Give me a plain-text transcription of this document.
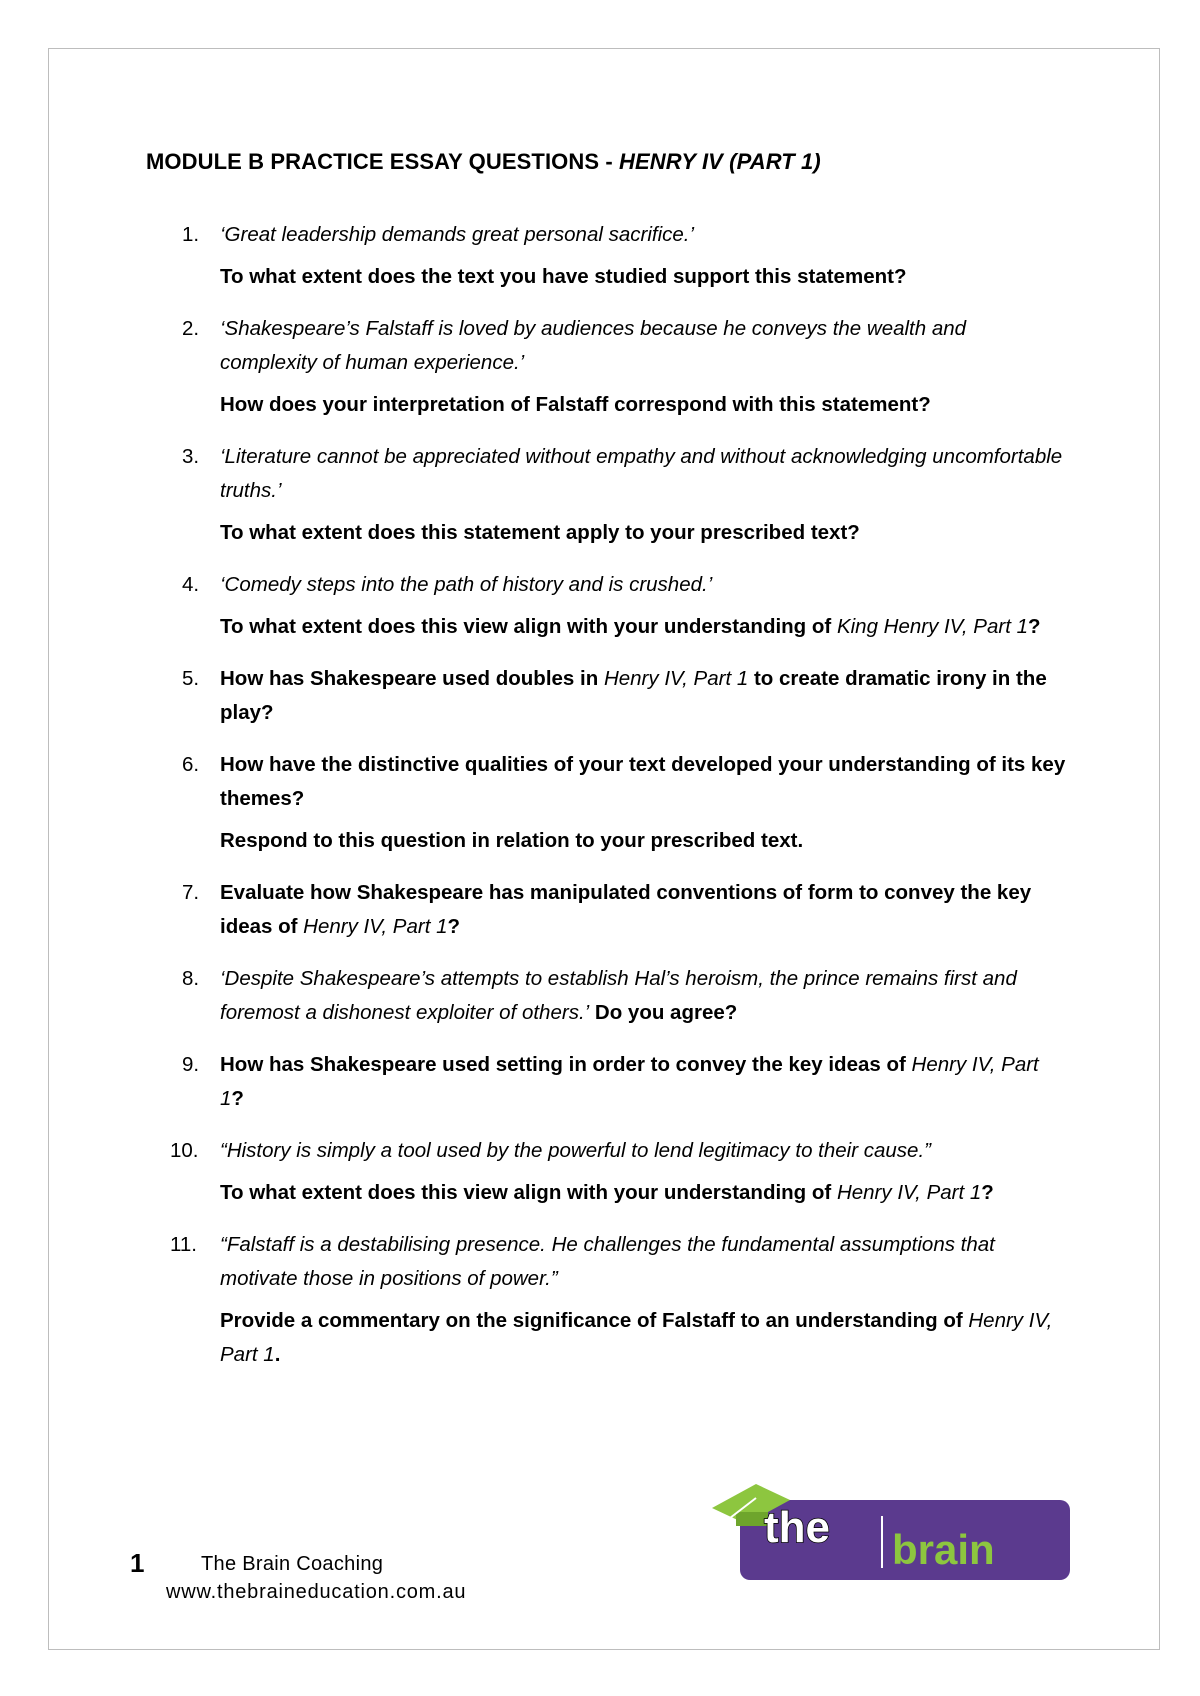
MODULE B PRACTICE ESSAY QUESTIONS - HENRY IV (PART 1)
1. ‘Great leadership demands great personal sacrifice.’

To what extent does the text you have studied support this statement?

2. ‘Shakespeare’s Falstaff is loved by audiences because he conveys the wealth and complexity of human experience.’

How does your interpretation of Falstaff correspond with this statement?

3. ‘Literature cannot be appreciated without empathy and without acknowledging uncomfortable truths.’

To what extent does this statement apply to your prescribed text?

4. ‘Comedy steps into the path of history and is crushed.’

To what extent does this view align with your understanding of King Henry IV, Part 1?

5. How has Shakespeare used doubles in Henry IV, Part 1 to create dramatic irony in the play?

6. How have the distinctive qualities of your text developed your understanding of its key themes?

Respond to this question in relation to your prescribed text.

7. Evaluate how Shakespeare has manipulated conventions of form to convey the key ideas of Henry IV, Part 1?

8. ‘Despite Shakespeare’s attempts to establish Hal’s heroism, the prince remains first and foremost a dishonest exploiter of others.’ Do you agree?

9. How has Shakespeare used setting in order to convey the key ideas of Henry IV, Part 1?

10. “History is simply a tool used by the powerful to lend legitimacy to their cause.”

To what extent does this view align with your understanding of Henry IV, Part 1?

11. “Falstaff is a destabilising presence. He challenges the fundamental assumptions that motivate those in positions of power.”

Provide a commentary on the significance of Falstaff to an understanding of Henry IV, Part 1.

1	The Brain Coaching
www.thebraineducation.com.au
the brain
